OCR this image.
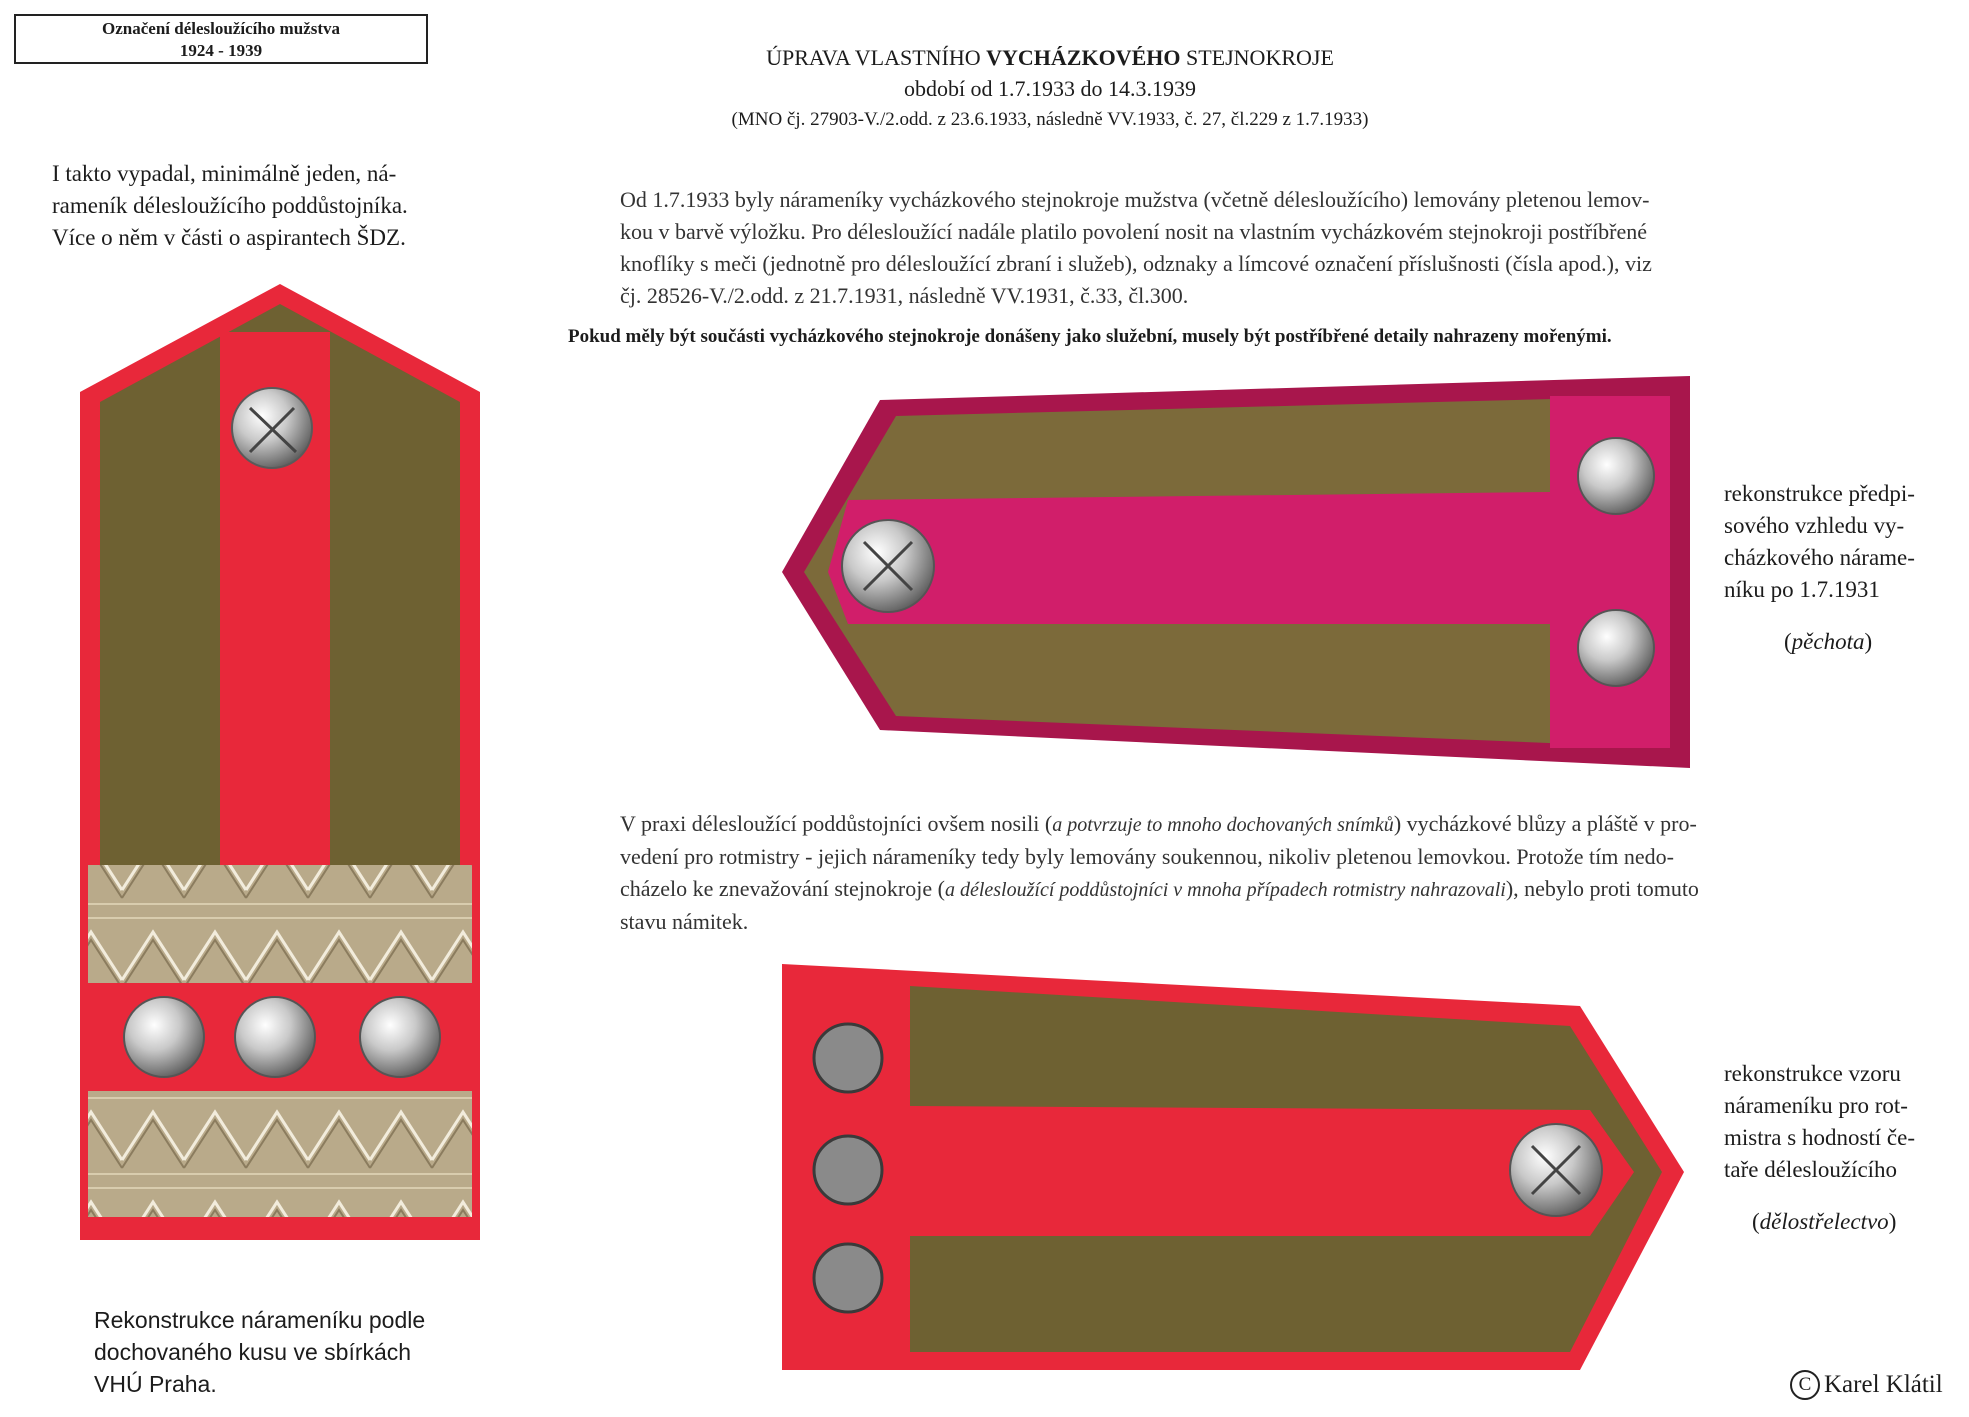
Označení délesloužícího mužstva
1924 - 1939	ÚPRAVA VLASTNÍHO VYCHÁZKOVÉHO STEJNOKROJE
období od 1.7.1933 do 14.3.1939
(MNO čj. 27903-V./2.odd. z 23.6.1933, následně VV.1933, č. 27, čl.229 z 1.7.1933)
I takto vypadal, minimálně jeden, ná-
rameník délesloužícího poddůstojníka.
Více o něm v části o aspirantech ŠDZ.
Od 1.7.1933 byly nárameníky vycházkového stejnokroje mužstva (včetně délesloužícího) lemovány pletenou lemov-
kou v barvě výložku. Pro délesloužící nadále platilo povolení nosit na vlastním vycházkovém stejnokroji postříbřené
knoflíky s meči (jednotně pro délesloužící zbraní i služeb), odznaky a límcové označení příslušnosti (čísla apod.), viz
čj. 28526-V./2.odd. z 21.7.1931, následně VV.1931, č.33, čl.300.
Pokud měly být součásti vycházkového stejnokroje donášeny jako služební, musely být postříbřené detaily nahrazeny mořenými.
rekonstrukce předpi-
sového vzhledu vy-
cházkového nárame-
níku po 1.7.1931
(pěchota)
V praxi délesloužící poddůstojníci ovšem nosili (a potvrzuje to mnoho dochovaných snímků) vycházkové blůzy a pláště v pro-
vedení pro rotmistry - jejich nárameníky tedy byly lemovány soukennou, nikoliv pletenou lemovkou. Protože tím nedo-
cházelo ke znevažování stejnokroje (a délesloužící poddůstojníci v mnoha případech rotmistry nahrazovali), nebylo proti tomuto
stavu námitek.
rekonstrukce vzoru
nárameníku pro rot-
mistra s hodností če-
taře délesloužícího
(dělostřelectvo)
Rekonstrukce nárameníku podle
dochovaného kusu ve sbírkách
VHÚ Praha.	C Karel Klátil
